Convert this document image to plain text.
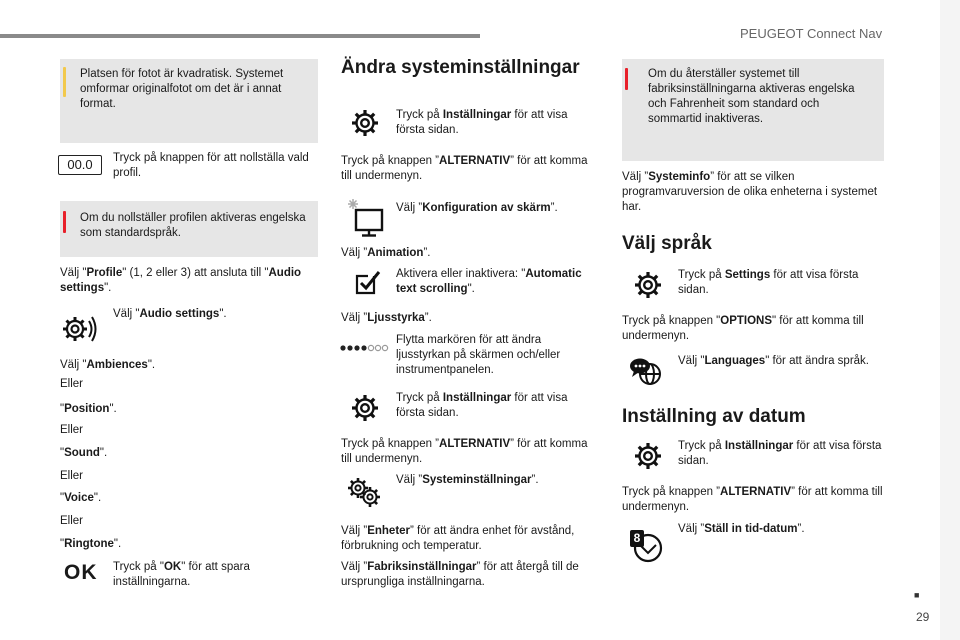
PEUGEOT Connect Nav
■
29
Platsen för fotot är kvadratisk. Systemet omformar originalfotot om det är i annat format.
00.0	Tryck på knappen för att nollställa vald profil.
Om du nollställer profilen aktiveras engelska som standardspråk.
Välj "Profile" (1, 2 eller 3) att ansluta till "Audio settings".
Välj "Audio settings".
Välj "Ambiences".
Eller
"Position".
Eller
"Sound".
Eller
"Voice".
Eller
"Ringtone".
OK Tryck på "OK" för att spara inställningarna.
Ändra systeminställningar
Tryck på Inställningar för att visa första sidan.
Tryck på knappen ”ALTERNATIV” för att komma till undermenyn.
Välj ”Konfiguration av skärm”.
Välj ”Animation”.
Aktivera eller inaktivera: "Automatic text scrolling".
Välj ”Ljusstyrka”.
Flytta markören för att ändra ljusstyrkan på skärmen och/eller instrumentpanelen.
Tryck på Inställningar för att visa första sidan.
Tryck på knappen ”ALTERNATIV” för att komma till undermenyn.
Välj ”Systeminställningar”.
Välj ”Enheter” för att ändra enhet för avstånd, förbrukning och temperatur.
Välj ”Fabriksinställningar” för att återgå till de ursprungliga inställningarna.
Om du återställer systemet till fabriksinställningarna aktiveras engelska och Fahrenheit som standard och sommartid inaktiveras.
Välj ”Systeminfo” för att se vilken programvaruversion de olika enheterna i systemet har.
Välj språk
Tryck på Settings för att visa första sidan.
Tryck på knappen "OPTIONS" för att komma till undermenyn.
Välj "Languages" för att ändra språk.
Inställning av datum
Tryck på Inställningar för att visa första sidan.
Tryck på knappen ”ALTERNATIV” för att komma till undermenyn.
8
Välj ”Ställ in tid-datum”.
